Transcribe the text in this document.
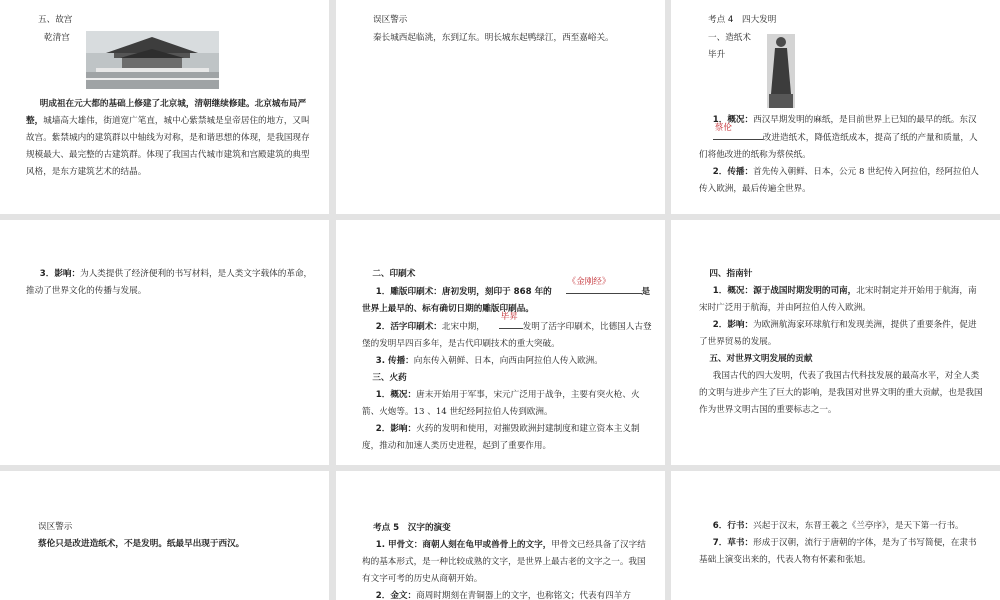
五、故宫
乾清宫

明成祖在元大都的基础上修建了北京城，清朝继续修建。北京城布局严整，城墙高大雄伟，街道宽广笔直，城中心紫禁城是皇帝居住的地方，又叫故宫。紫禁城内的建筑群以中轴线为对称，是和谐思想的体现，是我国现存规模最大、最完整的古建筑群。体现了我国古代城市建筑和宫殿建筑的典型风格，是东方建筑艺术的结晶。

误区警示
秦长城西起临洮，东到辽东。明长城东起鸭绿江，西至嘉峪关。
考点 4　四大发明
一、造纸术
毕升

1．概况：西汉早期发明的麻纸，是目前世界上已知的最早的纸。东汉
蔡伦
改进造纸术，降低造纸成本，提高了纸的产量和质量，人们将他改进的纸称为蔡侯纸。

2．传播：首先传入朝鲜、日本，公元 8 世纪传入阿拉伯，经阿拉伯人传入欧洲，最后传遍全世界。

3．影响：为人类提供了经济便利的书写材料，是人类文字载体的革命，推动了世界文化的传播与发展。

二、印刷术

1．雕版印刷术：唐初发明，刻印于 868 年的
《金刚经》
是世界上最早的、标有确切日期的雕版印刷品。

2．活字印刷术：北宋中期，
毕昇
发明了活字印刷术，比德国人古登堡的发明早四百多年，是古代印刷技术的重大突破。

3. 传播：向东传入朝鲜、日本，向西由阿拉伯人传入欧洲。

三、火药

1．概况：唐末开始用于军事，宋元广泛用于战争，主要有突火枪、火箭、火炮等。13 、14 世纪经阿拉伯人传到欧洲。

2．影响：火药的发明和使用，对摧毁欧洲封建制度和建立资本主义制度，推动和加速人类历史进程，起到了重要作用。

四、指南针

1．概况：源于战国时期发明的司南，北宋时制定并开始用于航海，南宋时广泛用于航海，并由阿拉伯人传入欧洲。

2．影响：为欧洲航海家环球航行和发现美洲，提供了重要条件，促进了世界贸易的发展。

五、对世界文明发展的贡献

我国古代的四大发明，代表了我国古代科技发展的最高水平，对全人类的文明与进步产生了巨大的影响，是我国对世界文明的重大贡献，也是我国作为世界文明古国的重要标志之一。

误区警示
蔡伦只是改进造纸术，不是发明。纸最早出现于西汉。
考点 5　汉字的演变

1. 甲骨文：商朝人刻在龟甲或兽骨上的文字，甲骨文已经具备了汉字结构的基本形式，是一种比较成熟的文字，是世界上最古老的文字之一。我国有文字可考的历史从商朝开始。

2．金文：商周时期刻在青铜器上的文字，也称铭文；代表有四羊方

6．行书：兴起于汉末，东晋王羲之《兰亭序》，是天下第一行书。

7．草书：形成于汉朝，流行于唐朝的字体，是为了书写简便，在隶书基础上演变出来的，代表人物有怀素和张旭。
